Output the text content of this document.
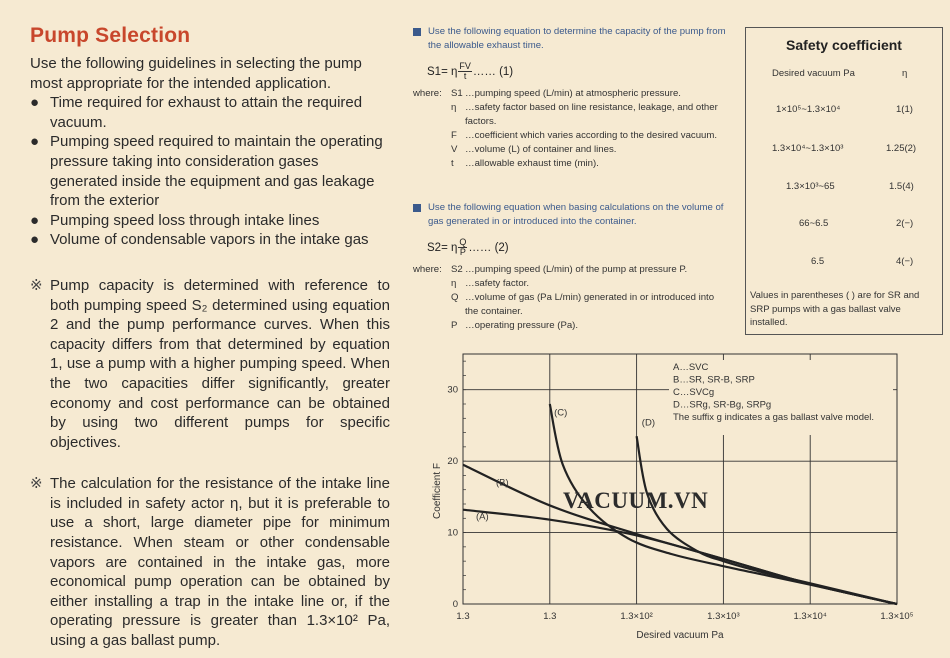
Pump Selection

Use the following guidelines in selecting the pump most appropriate for the intended application.

● Time required for exhaust to attain the required vacuum.
● Pumping speed required to maintain the operating pressure taking into consideration gases generated inside the equipment and gas leakage from the exterior
● Pumping speed loss through intake lines
● Volume of condensable vapors in the intake gas
※ Pump capacity is determined with reference to both pumping speed S₂ determined using equation 2 and the pump performance curves. When this capacity differs from that determined by equation 1, use a pump with a higher pumping speed. When the two capacities differ significantly, greater economy and cost performance can be obtained by using two different pumps for specific objectives.
※ The calculation for the resistance of the intake line is included in safety actor η, but it is preferable to use a short, large diameter pipe for minimum resistance. When steam or other condensable vapors are contained in the intake gas, more economical pump operation can be obtained by either installing a trap in the intake line or, if the operating pressure is greater than 1.3×10² Pa, using a gas ballast pump.
Use the following equation to determine the capacity of the pump from the allowable exhaust time.
S1= η $\frac{FV}{t}$ …… (1)
where: S1 …pumping speed (L/min) at atmospheric pressure.
η …safety factor based on line resistance, leakage, and other factors.
F …coefficient which varies according to the desired vacuum.
V …volume (L) of container and lines.
t	…allowable exhaust time (min).
Use the following equation when basing calculations on the volume of gas generated in or introduced into the container.
S2= η $\frac{Q}{P}$ …… (2)
where: S2 …pumping speed (L/min) of the pump at pressure P.
η …safety factor.
Q …volume of gas (Pa L/min) generated in or introduced into the container.
P …operating pressure (Pa).
Safety coefficient
Desired vacuum Pa	η
1×10⁵~1.3×10⁴	1(1)
1.3×10⁴~1.3×10³	1.25(2)
1.3×10³~65	1.5(4)
66~6.5	2(−)
6.5	4(−)
Values in parentheses ( ) are for SR and SRP pumps with a gas ballast valve installed.
0
10
20
30
1.3	1.3	1.3×10²	1.3×10³	1.3×10⁴	1.3×10⁵
Desired vacuum Pa
Coefficient F	(A)
(B)
(C)
(D)
A…SVC
B…SR, SR-B, SRP
C…SVCg
D…SRg, SR-Bg, SRPg
The suffix g indicates a gas ballast valve model.
VACUUM.VN
